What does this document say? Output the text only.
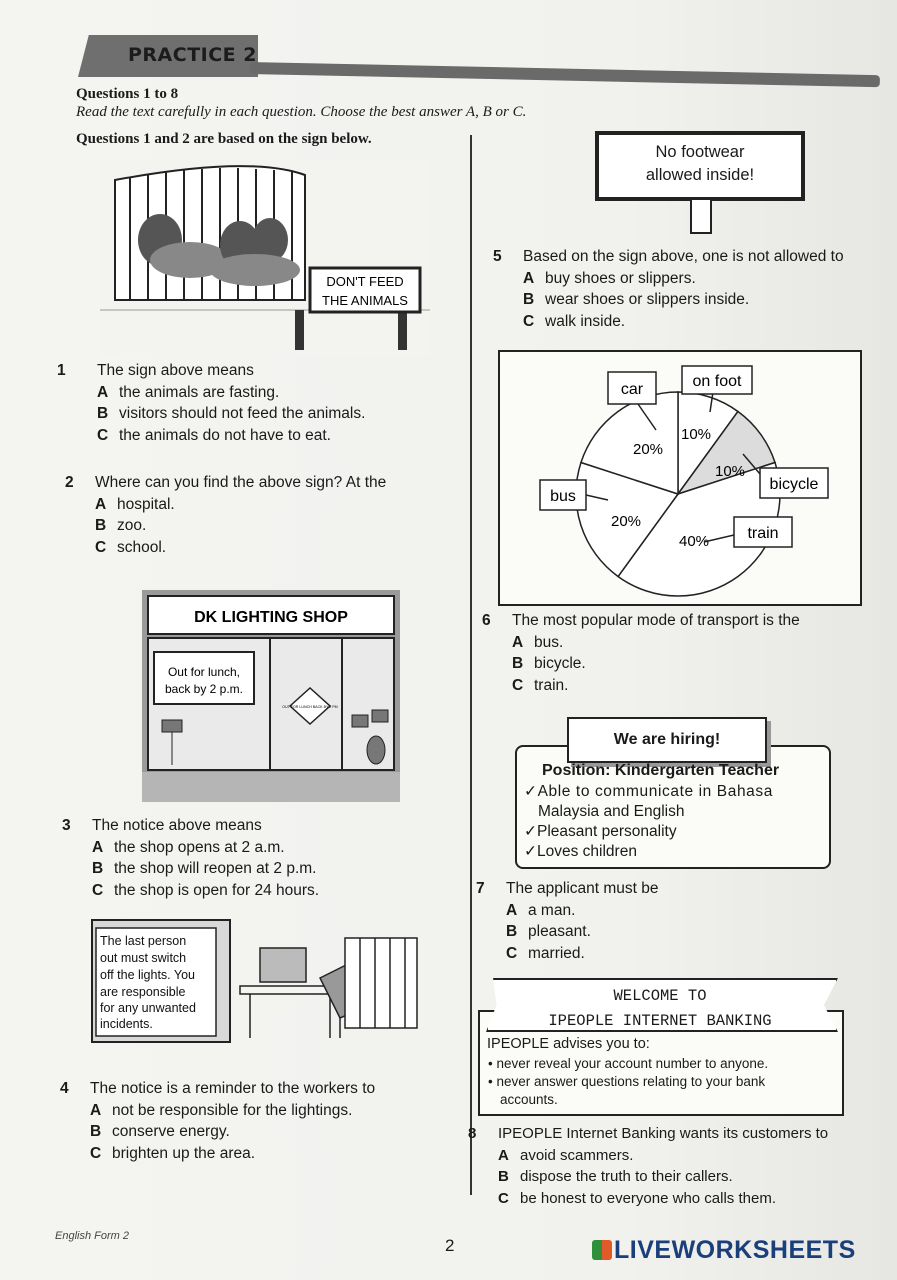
PRACTICE 2
Questions 1 to 8
Read the text carefully in each question. Choose the best answer A, B or C.
Questions 1 and 2 are based on the sign below.
DON'T FEED
THE ANIMALS
1 The sign above means
A the animals are fasting.
B visitors should not feed the animals.
C the animals do not have to eat.
2 Where can you find the above sign? At the
A hospital.
B zoo.
C school.
DK LIGHTING SHOP
Out for lunch,
back by 2 p.m.
OUT FOR LUNCH BACK BY 2 PM
3 The notice above means
A the shop opens at 2 a.m.
B the shop will reopen at 2 p.m.
C the shop is open for 24 hours.
The last person
out must switch
off the lights. You
are responsible
for any unwanted
incidents.
4 The notice is a reminder to the workers to
A not be responsible for the lightings.
B conserve energy.
C brighten up the area.
No footwear
allowed inside!
5 Based on the sign above, one is not allowed to
A buy shoes or slippers.
B wear shoes or slippers inside.
C walk inside.
10%
on foot
10%
bicycle
40% train
20%
bus
20%
car
6 The most popular mode of transport is the
A bus.
B bicycle.
C train.
We are hiring!
Position: Kindergarten Teacher
✓Able to communicate in Bahasa
Malaysia and English
✓Pleasant personality
✓Loves children
7 The applicant must be
A a man.
B pleasant.
C married.
WELCOME TO
IPEOPLE INTERNET BANKING
IPEOPLE advises you to:
• never reveal your account number to anyone.
• never answer questions relating to your bank
accounts.
8 IPEOPLE Internet Banking wants its customers to
A avoid scammers.
B dispose the truth to their callers.
C be honest to everyone who calls them.
English Form 2	2	LIVEWORKSHEETS
